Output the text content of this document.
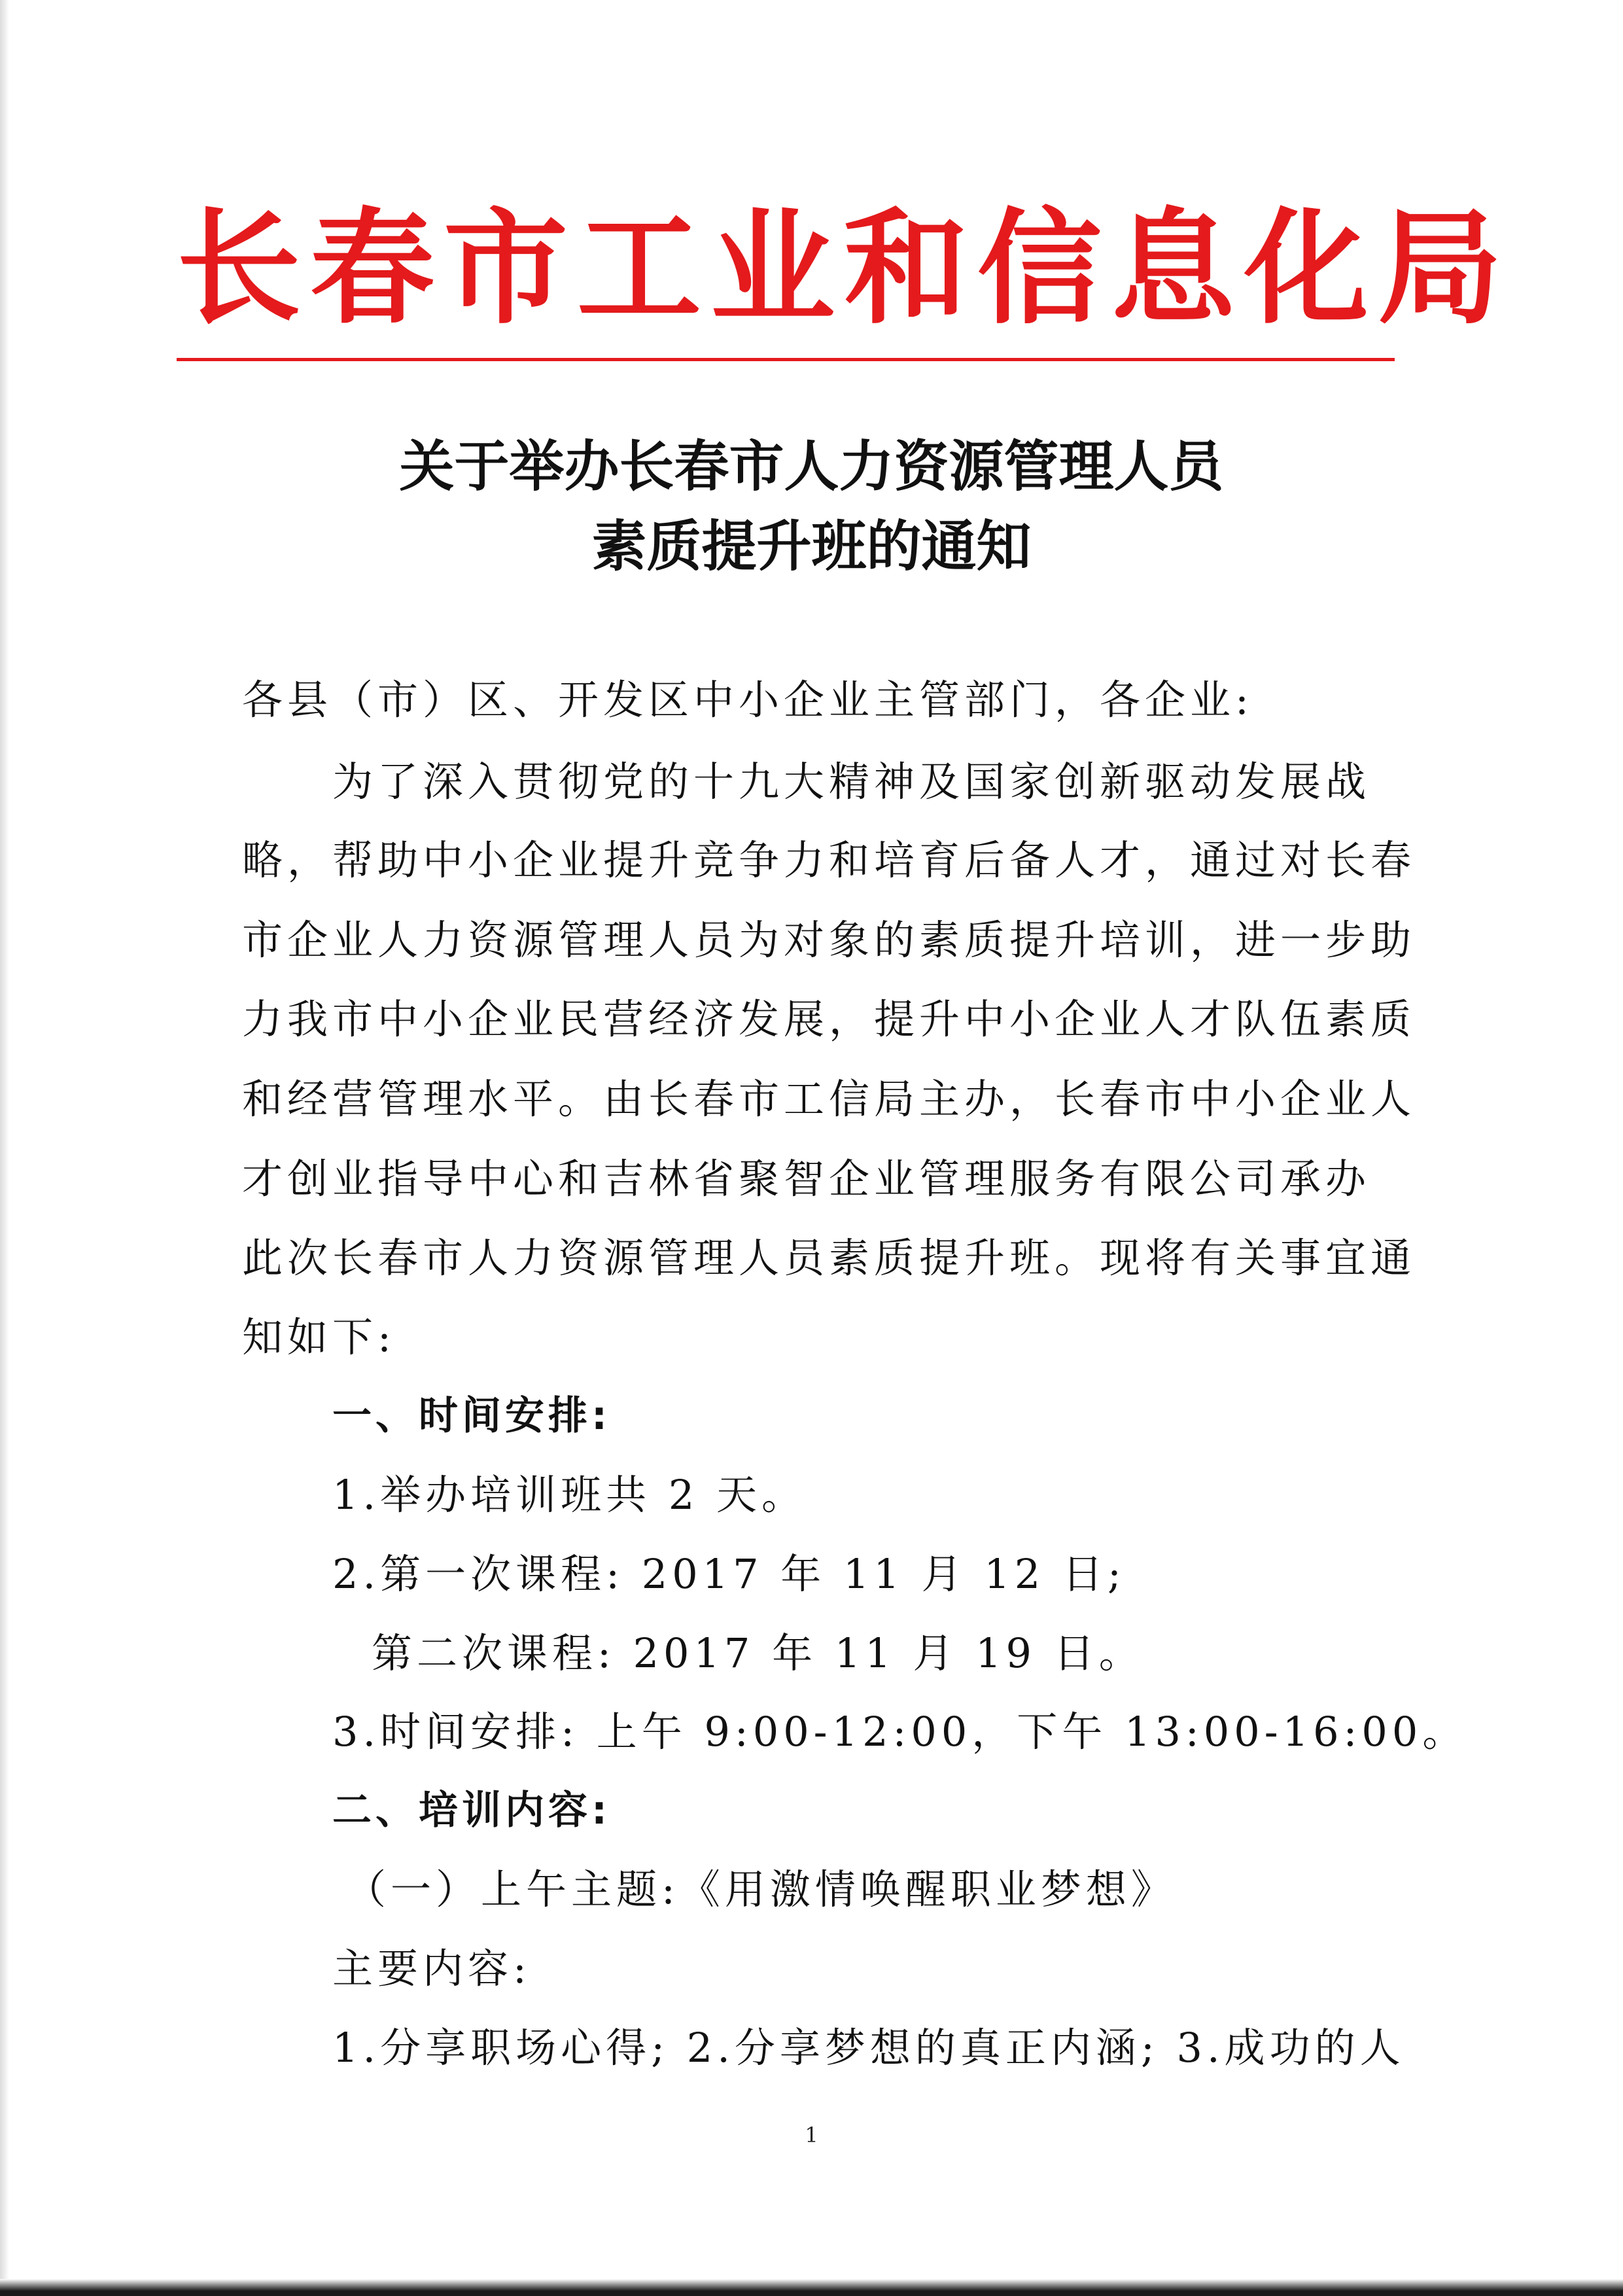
长春市工业和信息化局
关于举办长春市人力资源管理人员
素质提升班的通知
各县（市）区、开发区中小企业主管部门，各企业:
为了深入贯彻党的十九大精神及国家创新驱动发展战
略，帮助中小企业提升竞争力和培育后备人才，通过对长春
市企业人力资源管理人员为对象的素质提升培训，进一步助
力我市中小企业民营经济发展，提升中小企业人才队伍素质
和经营管理水平。由长春市工信局主办，长春市中小企业人
才创业指导中心和吉林省聚智企业管理服务有限公司承办
此次长春市人力资源管理人员素质提升班。现将有关事宜通
知如下:
一、时间安排:
1.举办培训班共 2 天。
2.第一次课程: 2017 年 11 月 12 日;
第二次课程: 2017 年 11 月 19 日。
3.时间安排: 上午 9:00-12:00，下午 13:00-16:00。
二、培训内容:
（一）上午主题:《用激情唤醒职业梦想》
主要内容:
1.分享职场心得; 2.分享梦想的真正内涵; 3.成功的人
1
